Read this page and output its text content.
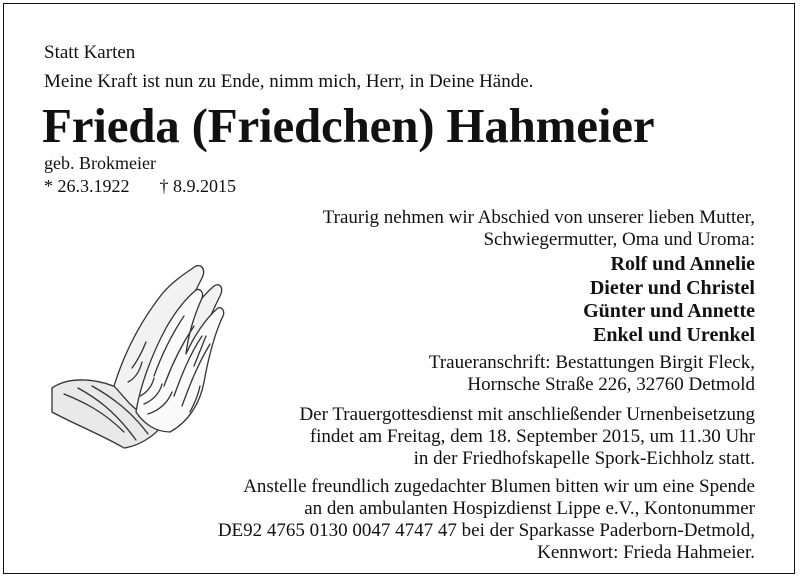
Statt Karten
Meine Kraft ist nun zu Ende, nimm mich, Herr, in Deine Hände.
Frieda (Friedchen) Hahmeier
geb. Brokmeier
* 26.3.1922 † 8.9.2015
Traurig nehmen wir Abschied von unserer lieben Mutter,
Schwiegermutter, Oma und Uroma:
Rolf und Annelie
Dieter und Christel
Günter und Annette
Enkel und Urenkel
Traueranschrift: Bestattungen Birgit Fleck,
Hornsche Straße 226, 32760 Detmold
Der Trauergottesdienst mit anschließender Urnenbeisetzung
findet am Freitag, dem 18. September 2015, um 11.30 Uhr
in der Friedhofskapelle Spork-Eichholz statt.
Anstelle freundlich zugedachter Blumen bitten wir um eine Spende
an den ambulanten Hospizdienst Lippe e.V., Kontonummer
DE92 4765 0130 0047 4747 47 bei der Sparkasse Paderborn-Detmold,
Kennwort: Frieda Hahmeier.
